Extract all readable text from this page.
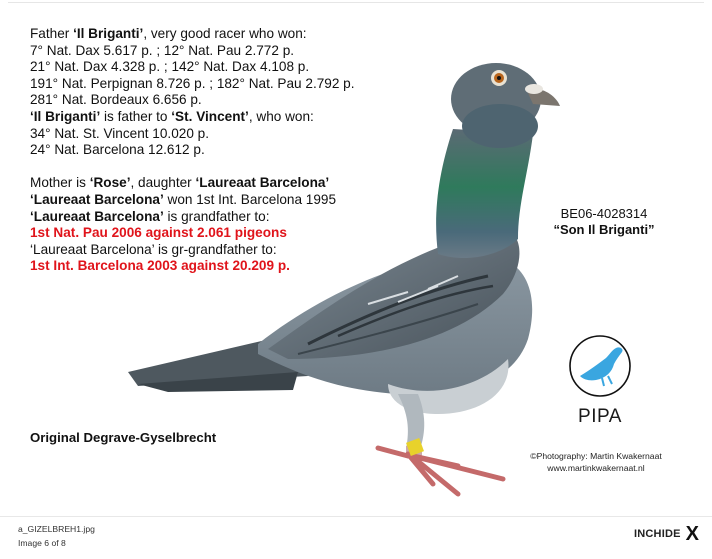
Father ‘Il Briganti’, very good racer who won:
7° Nat. Dax 5.617 p. ; 12° Nat. Pau 2.772 p.
21° Nat. Dax 4.328 p. ; 142° Nat. Dax 4.108 p.
191° Nat. Perpignan 8.726 p. ; 182° Nat. Pau 2.792 p.
281° Nat. Bordeaux 6.656 p.
‘Il Briganti’ is father to ‘St. Vincent’, who won:
34° Nat. St. Vincent 10.020 p.
24° Nat. Barcelona 12.612 p.
Mother is ‘Rose’, daughter ‘Laureaat Barcelona’
‘Laureaat Barcelona’ won 1st Int. Barcelona 1995
‘Laureaat Barcelona’ is grandfather to:
1st Nat. Pau 2006 against 2.061 pigeons
‘Laureaat Barcelona’ is gr-grandfather to:
1st Int. Barcelona 2003 against 20.209 p.
BE06-4028314
“Son Il Briganti”
PIPA
Original Degrave-Gyselbrecht
©Photography: Martin Kwakernaat
www.martinkwakernaat.nl
a_GIZELBREH1.jpg
Image 6 of 8
INCHIDE X
